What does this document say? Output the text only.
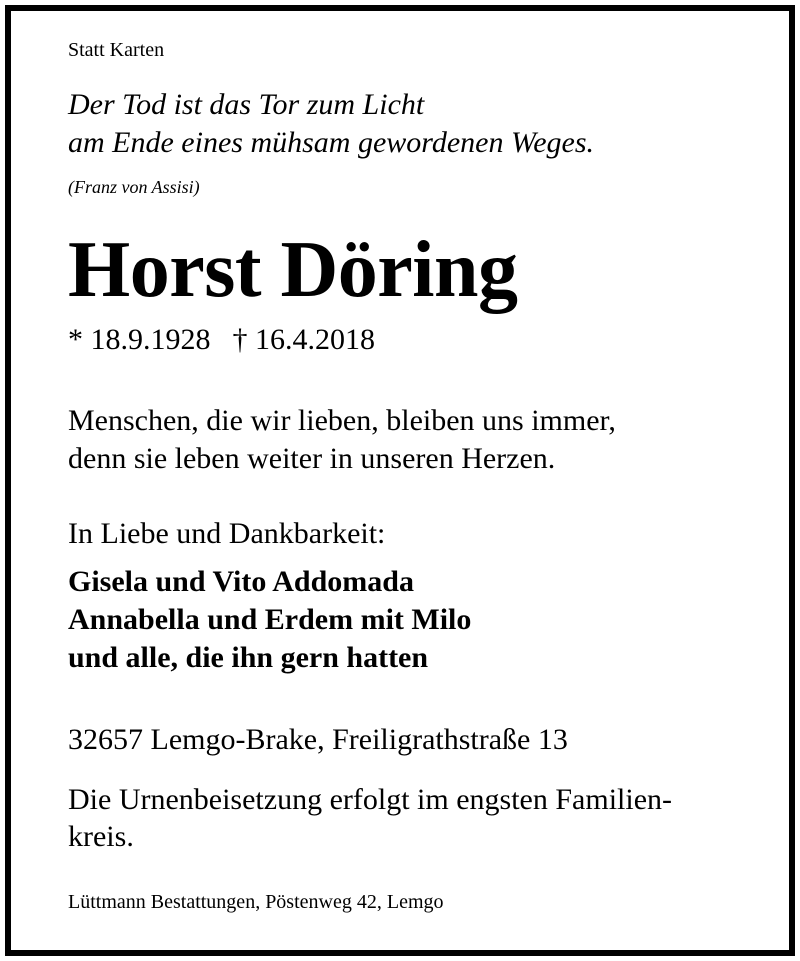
Statt Karten
Der Tod ist das Tor zum Licht
am Ende eines mühsam gewordenen Weges.
(Franz von Assisi)
Horst Döring
* 18.9.1928 † 16.4.2018
Menschen, die wir lieben, bleiben uns immer,
denn sie leben weiter in unseren Herzen.
In Liebe und Dankbarkeit:
Gisela und Vito Addomada
Annabella und Erdem mit Milo
und alle, die ihn gern hatten
32657 Lemgo-Brake, Freiligrathstraße 13
Die Urnenbeisetzung erfolgt im engsten Familien-
kreis.
Lüttmann Bestattungen, Pöstenweg 42, Lemgo
